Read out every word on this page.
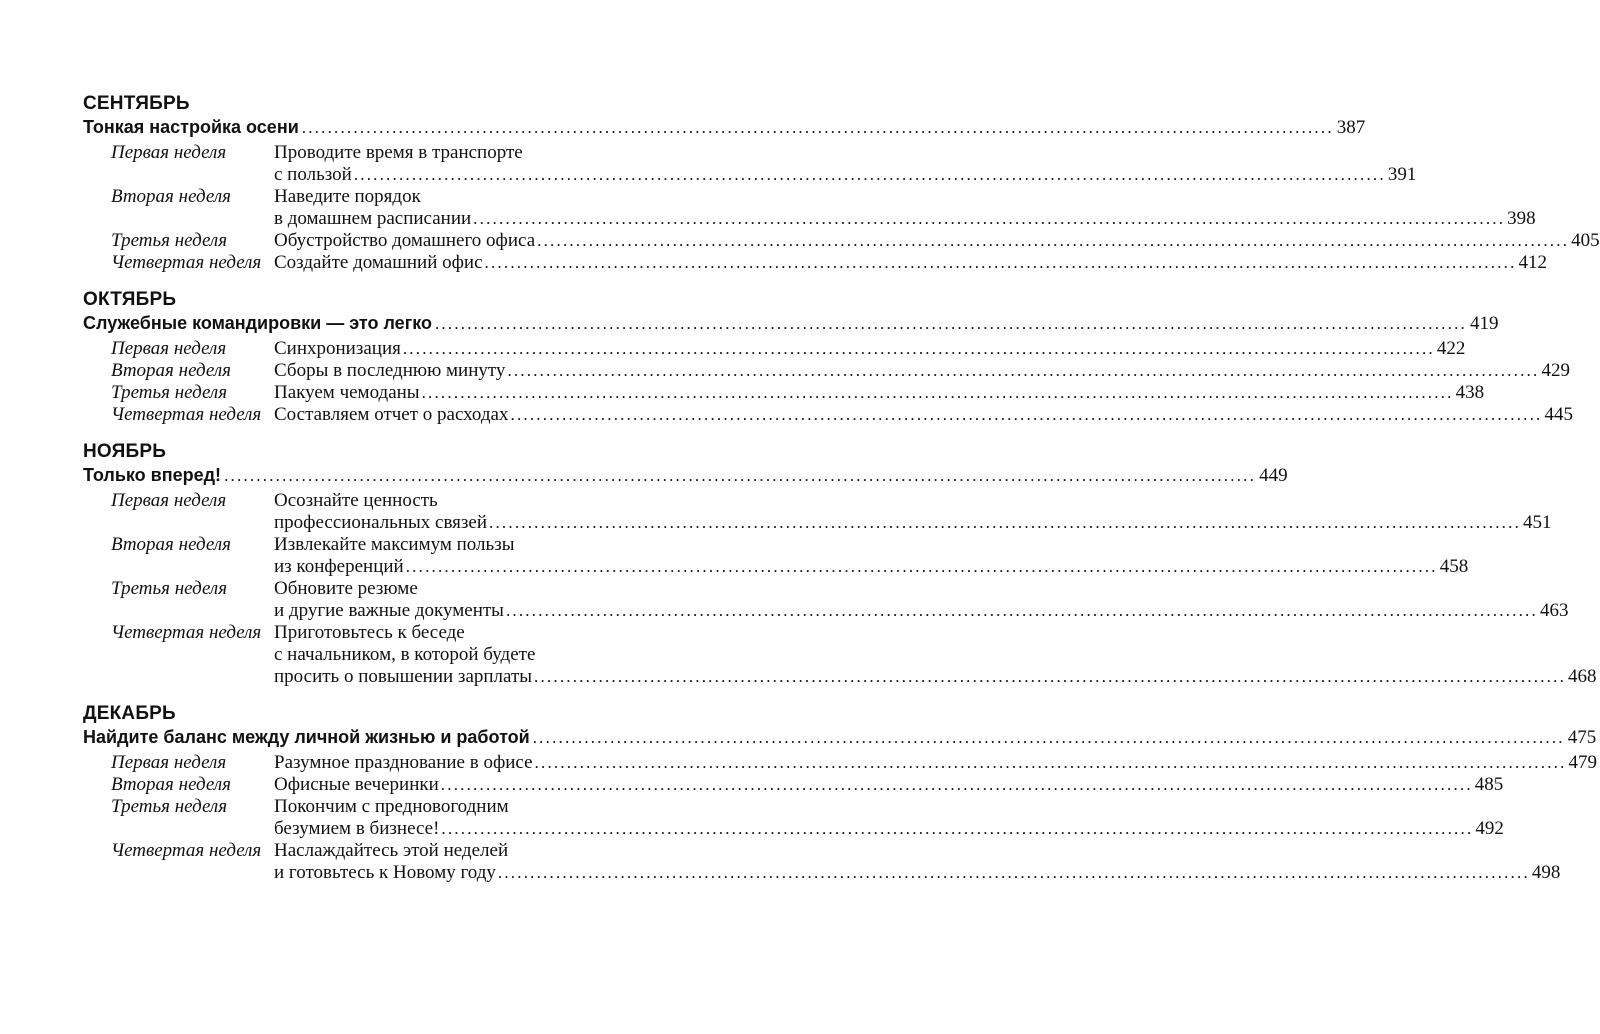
СЕНТЯБРЬ
Тонкая настройка осени ................................................................................................................................................................ 387
Первая неделя	Проводите время в транспорте
с пользой ................................................................................................................................................................ 391
Вторая неделя	Наведите порядок
в домашнем расписании ................................................................................................................................................................ 398
Третья неделя	Обустройство домашнего офиса ................................................................................................................................................................ 405
Четвертая неделя Создайте домашний офис ................................................................................................................................................................ 412
ОКТЯБРЬ
Служебные командировки — это легко ................................................................................................................................................................ 419
Первая неделя	Синхронизация ................................................................................................................................................................ 422
Вторая неделя	Сборы в последнюю минуту ................................................................................................................................................................ 429
Третья неделя	Пакуем чемоданы ................................................................................................................................................................ 438
Четвертая неделя Составляем отчет о расходах ................................................................................................................................................................ 445
НОЯБРЬ
Только вперед! ................................................................................................................................................................ 449
Первая неделя	Осознайте ценность
профессиональных связей ................................................................................................................................................................ 451
Вторая неделя	Извлекайте максимум пользы
из конференций ................................................................................................................................................................ 458
Третья неделя	Обновите резюме
и другие важные документы ................................................................................................................................................................ 463
Четвертая неделя Приготовьтесь к беседе
с начальником, в которой будете
просить о повышении зарплаты ................................................................................................................................................................ 468
ДЕКАБРЬ
Найдите баланс между личной жизнью и работой ................................................................................................................................................................ 475
Первая неделя	Разумное празднование в офисе ................................................................................................................................................................ 479
Вторая неделя	Офисные вечеринки ................................................................................................................................................................ 485
Третья неделя	Покончим с предновогодним
безумием в бизнесе! ................................................................................................................................................................ 492
Четвертая неделя Наслаждайтесь этой неделей
и готовьтесь к Новому году ................................................................................................................................................................ 498
